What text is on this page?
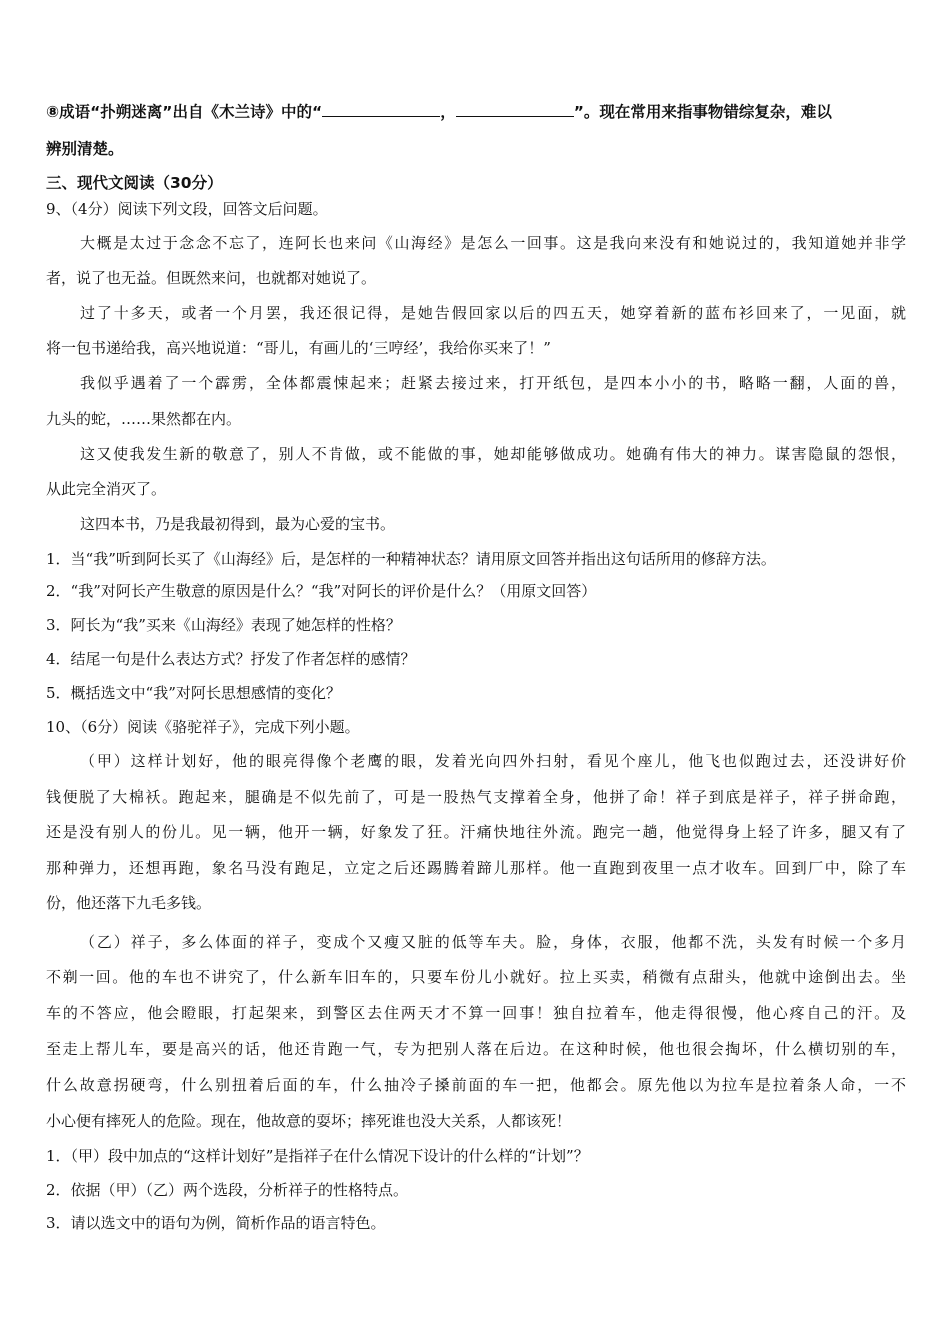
⑧成语“扑朔迷离”出自《木兰诗》中的“	，	”。现在常用来指事物错综复杂，难以
辨别清楚。
三、现代文阅读（30分）
9、（4分）阅读下列文段，回答文后问题。
大概是太过于念念不忘了，连阿长也来问《山海经》是怎么一回事。这是我向来没有和她说过的，我知道她并非学
者，说了也无益。但既然来问，也就都对她说了。
过了十多天，或者一个月罢，我还很记得，是她告假回家以后的四五天，她穿着新的蓝布衫回来了，一见面，就
将一包书递给我，高兴地说道：“哥儿，有画儿的‘三哼经’，我给你买来了！”
我似乎遇着了一个霹雳，全体都震悚起来；赶紧去接过来，打开纸包，是四本小小的书，略略一翻，人面的兽，
九头的蛇，……果然都在内。
这又使我发生新的敬意了，别人不肯做，或不能做的事，她却能够做成功。她确有伟大的神力。谋害隐鼠的怨恨，
从此完全消灭了。
这四本书，乃是我最初得到，最为心爱的宝书。
1．当“我”听到阿长买了《山海经》后，是怎样的一种精神状态？请用原文回答并指出这句话所用的修辞方法。
2．“我”对阿长产生敬意的原因是什么？“我”对阿长的评价是什么？（用原文回答）
3．阿长为“我”买来《山海经》表现了她怎样的性格？
4．结尾一句是什么表达方式？抒发了作者怎样的感情？
5．概括选文中“我”对阿长思想感情的变化？
10、（6分）阅读《骆驼祥子》，完成下列小题。
（甲）这样计划好，他的眼亮得像个老鹰的眼，发着光向四外扫射，看见个座儿，他飞也似跑过去，还没讲好价
钱便脱了大棉袄。跑起来，腿确是不似先前了，可是一股热气支撑着全身，他拼了命！祥子到底是祥子，祥子拼命跑，
还是没有别人的份儿。见一辆，他开一辆，好象发了狂。汗痛快地往外流。跑完一趟，他觉得身上轻了许多，腿又有了
那种弹力，还想再跑，象名马没有跑足，立定之后还踢腾着蹄儿那样。他一直跑到夜里一点才收车。回到厂中，除了车
份，他还落下九毛多钱。
（乙）祥子，多么体面的祥子，变成个又瘦又脏的低等车夫。脸，身体，衣服，他都不洗，头发有时候一个多月
不剃一回。他的车也不讲究了，什么新车旧车的，只要车份儿小就好。拉上买卖，稍微有点甜头，他就中途倒出去。坐
车的不答应，他会瞪眼，打起架来，到警区去住两天才不算一回事！独自拉着车，他走得很慢，他心疼自己的汗。及
至走上帮儿车，要是高兴的话，他还肯跑一气，专为把别人落在后边。在这种时候，他也很会掏坏，什么横切别的车，
什么故意拐硬弯，什么别扭着后面的车，什么抽冷子搡前面的车一把，他都会。原先他以为拉车是拉着条人命，一不
小心便有摔死人的危险。现在，他故意的耍坏；摔死谁也没大关系，人都该死！
1．（甲）段中加点的“这样计划好”是指祥子在什么情况下设计的什么样的“计划”？
2．依据（甲）（乙）两个选段，分析祥子的性格特点。
3．请以选文中的语句为例，简析作品的语言特色。
